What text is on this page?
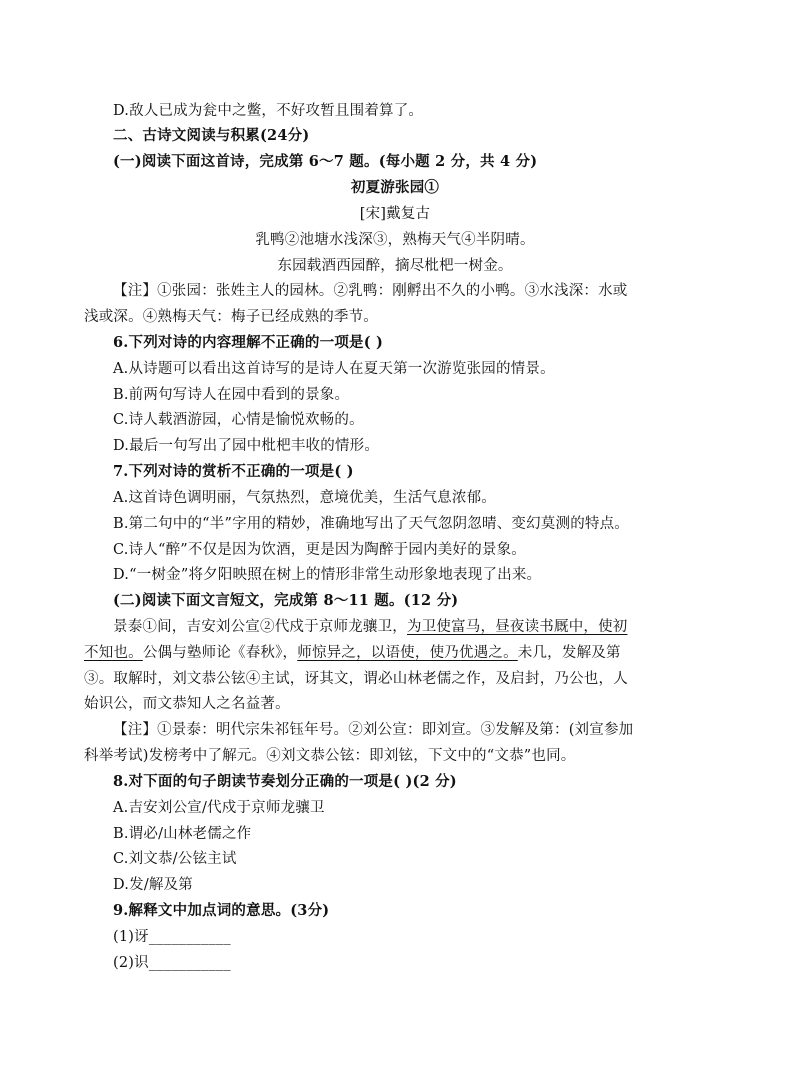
D.敌人已成为瓮中之鳖，不好攻暂且围着算了。
二、古诗文阅读与积累(24分)
(一)阅读下面这首诗，完成第 6～7 题。(每小题 2 分，共 4 分)
初夏游张园①
[宋]戴复古
乳鸭②池塘水浅深③，熟梅天气④半阴晴。
东园载酒西园醉，摘尽枇杷一树金。
【注】①张园：张姓主人的园林。②乳鸭：刚孵出不久的小鸭。③水浅深：水或
浅或深。④熟梅天气：梅子已经成熟的季节。
6.下列对诗的内容理解不正确的一项是( )
A.从诗题可以看出这首诗写的是诗人在夏天第一次游览张园的情景。
B.前两句写诗人在园中看到的景象。
C.诗人载酒游园，心情是愉悦欢畅的。
D.最后一句写出了园中枇杷丰收的情形。
7.下列对诗的赏析不正确的一项是( )
A.这首诗色调明丽，气氛热烈，意境优美，生活气息浓郁。
B.第二句中的“半”字用的精妙，准确地写出了天气忽阴忽晴、变幻莫测的特点。
C.诗人“醉”不仅是因为饮酒，更是因为陶醉于园内美好的景象。
D.“一树金”将夕阳映照在树上的情形非常生动形象地表现了出来。
(二)阅读下面文言短文，完成第 8～11 题。(12 分)
景泰①间，吉安刘公宣②代戍于京师龙骧卫，为卫使富马，昼夜读书厩中，使初
不知也。公偶与塾师论《春秋》，师惊异之，以语使，使乃优遇之。未几，发解及第
③。取解时，刘文恭公铉④主试，讶其文，谓必山林老儒之作，及启封，乃公也，人
始识公，而文恭知人之名益著。
【注】①景泰：明代宗朱祁钰年号。②刘公宣：即刘宣。③发解及第：(刘宣参加
科举考试)发榜考中了解元。④刘文恭公铉：即刘铉，下文中的“文恭”也同。
8.对下面的句子朗读节奏划分正确的一项是( )(2 分)
A.吉安刘公宣/代戍于京师龙骧卫
B.谓必/山林老儒之作
C.刘文恭/公铉主试
D.发/解及第
9.解释文中加点词的意思。(3分)
(1)讶___________
(2)识___________
